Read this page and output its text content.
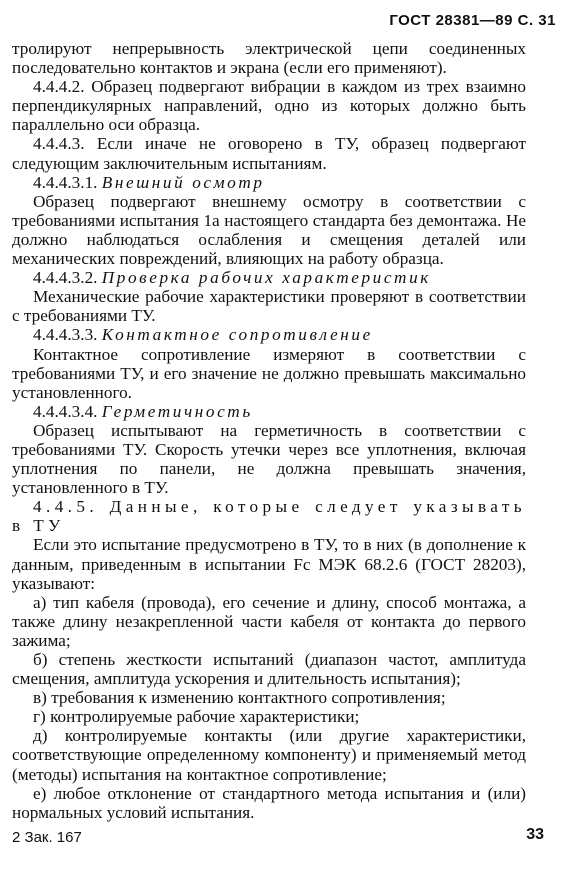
ГОСТ 28381—89 С. 31

тролируют непрерывность электрической цепи соединенных последовательно контактов и экрана (если его применяют).

4.4.4.2. Образец подвергают вибрации в каждом из трех взаимно перпендикулярных направлений, одно из которых должно быть параллельно оси образца.

4.4.4.3. Если иначе не оговорено в ТУ, образец подвергают следующим заключительным испытаниям.

4.4.4.3.1. Внешний осмотр

Образец подвергают внешнему осмотру в соответствии с требованиями испытания 1а настоящего стандарта без демонтажа. Не должно наблюдаться ослабления и смещения деталей или механических повреждений, влияющих на работу образца.

4.4.4.3.2. Проверка рабочих характеристик

Механические рабочие характеристики проверяют в соответствии с требованиями ТУ.

4.4.4.3.3. Контактное сопротивление

Контактное сопротивление измеряют в соответствии с требованиями ТУ, и его значение не должно превышать максимально установленного.

4.4.4.3.4. Герметичность

Образец испытывают на герметичность в соответствии с требованиями ТУ. Скорость утечки через все уплотнения, включая уплотнения по панели, не должна превышать значения, установленного в ТУ.

4.4.5. Данные, которые следует указывать в ТУ

Если это испытание предусмотрено в ТУ, то в них (в дополнение к данным, приведенным в испытании Fc МЭК 68.2.6 (ГОСТ 28203), указывают:

а) тип кабеля (провода), его сечение и длину, способ монтажа, а также длину незакрепленной части кабеля от контакта до первого зажима;

б) степень жесткости испытаний (диапазон частот, амплитуда смещения, амплитуда ускорения и длительность испытания);

в) требования к изменению контактного сопротивления;

г) контролируемые рабочие характеристики;

д) контролируемые контакты (или другие характеристики, соответствующие определенному компоненту) и применяемый метод (методы) испытания на контактное сопротивление;

е) любое отклонение от стандартного метода испытания и (или) нормальных условий испытания.

2 Зак. 167	33
